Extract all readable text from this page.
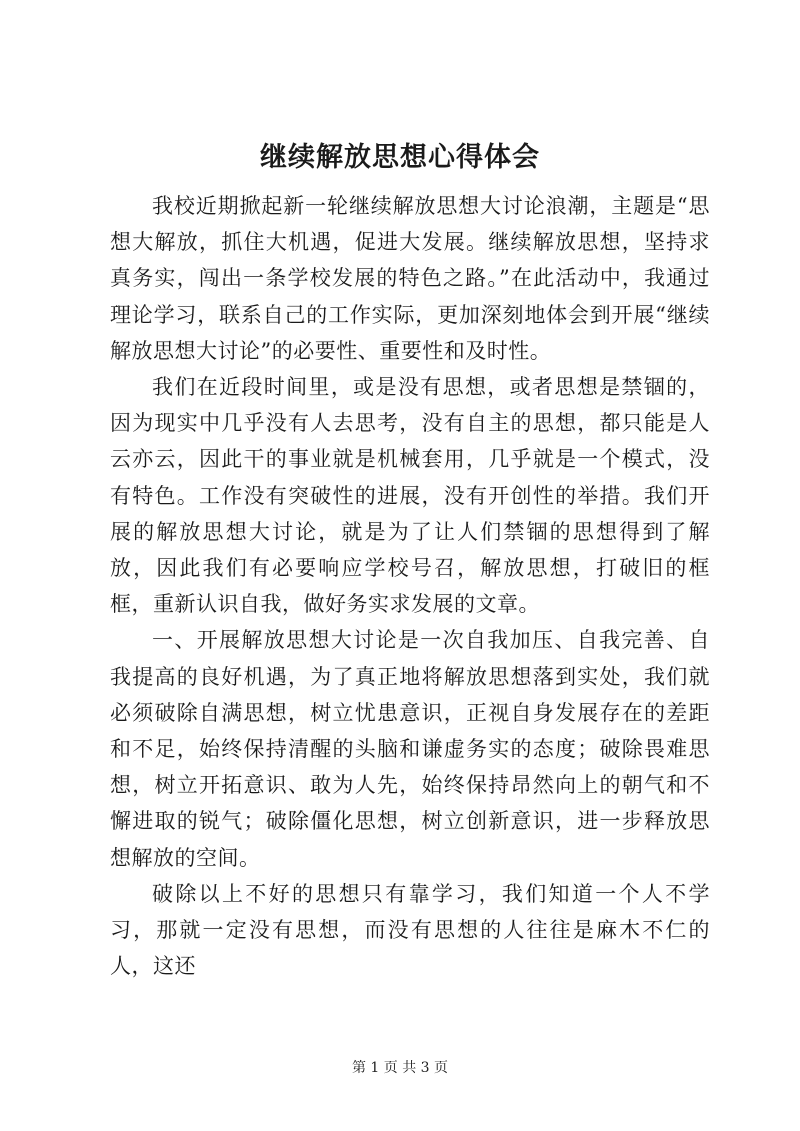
继续解放思想心得体会

我校近期掀起新一轮继续解放思想大讨论浪潮，主题是“思想大解放，抓住大机遇，促进大发展。继续解放思想，坚持求真务实，闯出一条学校发展的特色之路。”在此活动中，我通过理论学习，联系自己的工作实际，更加深刻地体会到开展“继续解放思想大讨论”的必要性、重要性和及时性。

我们在近段时间里，或是没有思想，或者思想是禁锢的，因为现实中几乎没有人去思考，没有自主的思想，都只能是人云亦云，因此干的事业就是机械套用，几乎就是一个模式，没有特色。工作没有突破性的进展，没有开创性的举措。我们开展的解放思想大讨论，就是为了让人们禁锢的思想得到了解放，因此我们有必要响应学校号召，解放思想，打破旧的框框，重新认识自我，做好务实求发展的文章。

一、开展解放思想大讨论是一次自我加压、自我完善、自我提高的良好机遇，为了真正地将解放思想落到实处，我们就必须破除自满思想，树立忧患意识，正视自身发展存在的差距和不足，始终保持清醒的头脑和谦虚务实的态度；破除畏难思想，树立开拓意识、敢为人先，始终保持昂然向上的朝气和不懈进取的锐气；破除僵化思想，树立创新意识，进一步释放思想解放的空间。

破除以上不好的思想只有靠学习，我们知道一个人不学习，那就一定没有思想，而没有思想的人往往是麻木不仁的人，这还

第 1 页 共 3 页
